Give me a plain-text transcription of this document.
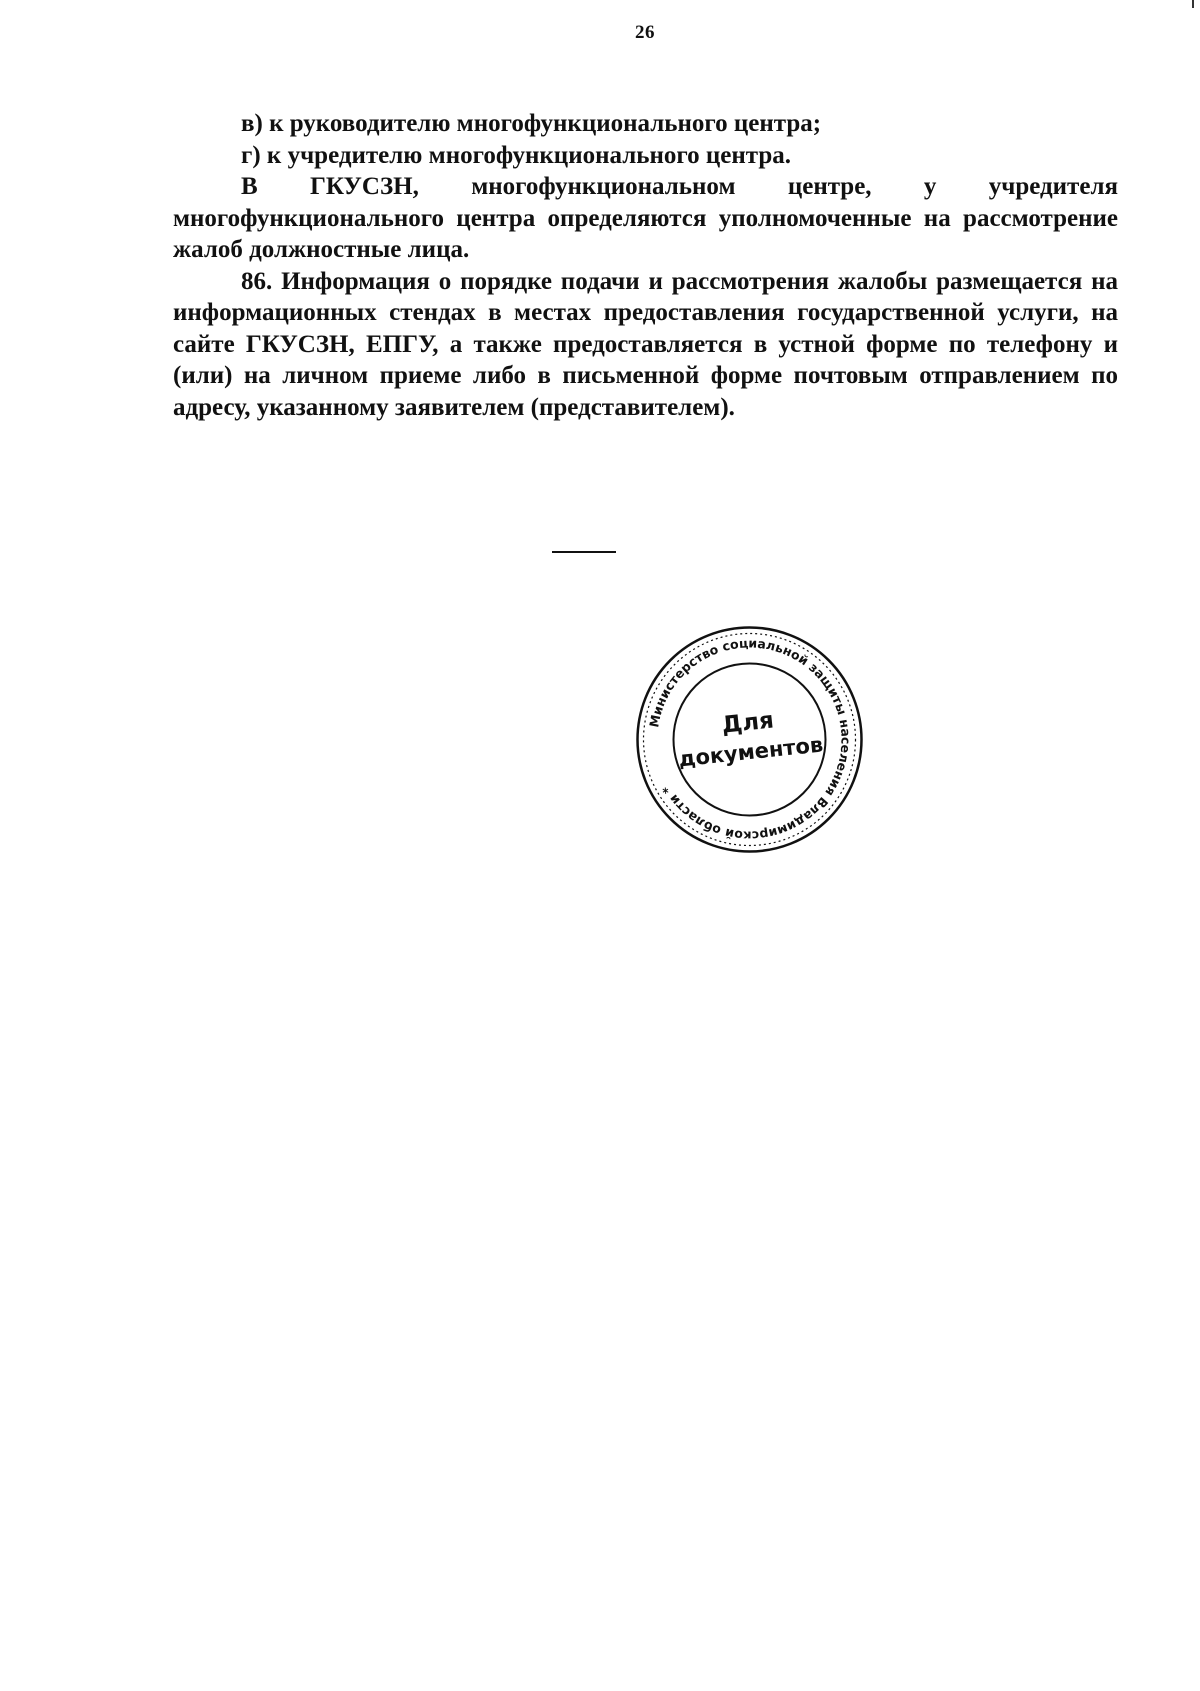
26

в) к руководителю многофункционального центра;

г) к учредителю многофункционального центра.

В ГКУСЗН, многофункциональном центре, у учредителя многофункционального центра определяются уполномоченные на рассмотрение жалоб должностные лица.

86. Информация о порядке подачи и рассмотрения жалобы размещается на информационных стендах в местах предоставления государственной услуги, на сайте ГКУСЗН, ЕПГУ, а также предоставляется в устной форме по телефону и (или) на личном приеме либо в письменной форме почтовым отправлением по адресу, указанному заявителем (представителем).

Министерство социальной защиты населения Владимирской области *
Для
документов
